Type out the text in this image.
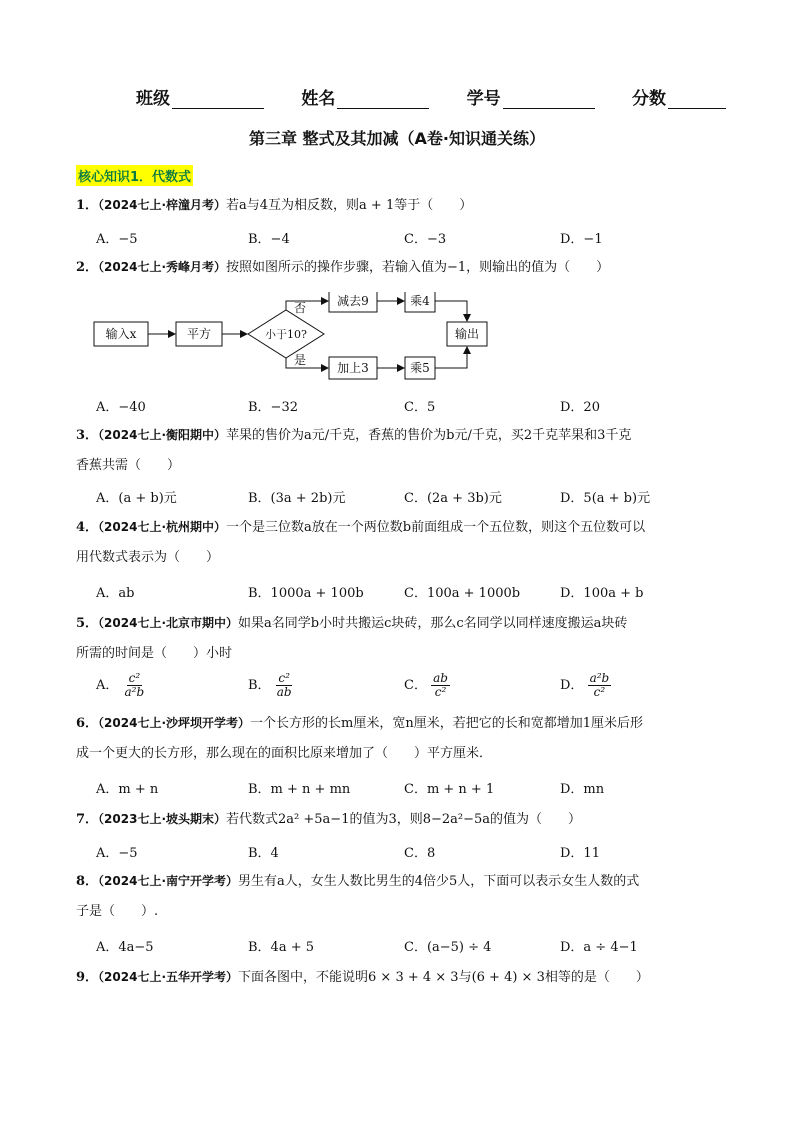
班级	姓名	学号	分数
第三章 整式及其加减（A卷·知识通关练）
核心知识1．代数式
1．（2024七上·梓潼月考）若a与4互为相反数，则a + 1等于（　　）
A．−5	B．−4	C．−3	D．−1
2．（2024七上·秀峰月考）按照如图所示的操作步骤，若输入值为−1，则输出的值为（　　）
输入x	平方	小于10?
否
是
减去9	乘4
加上3	乘5
输出
A．−40	B．−32	C．5	D．20
3．（2024七上·衡阳期中）苹果的售价为a元/千克，香蕉的售价为b元/千克，买2千克苹果和3千克
香蕉共需（　　）
A．(a + b)元	B．(3a + 2b)元	C．(2a + 3b)元	D．5(a + b)元
4．（2024七上·杭州期中）一个是三位数a放在一个两位数b前面组成一个五位数，则这个五位数可以
用代数式表示为（　　）
A．ab	B．1000a + 100b	C．100a + 1000b	D．100a + b
5．（2024七上·北京市期中）如果a名同学b小时共搬运c块砖，那么c名同学以同样速度搬运a块砖
所需的时间是（　　）小时
A． $\frac{\text{c²}}{\text{a²b}}$	B． $\frac{\text{c²}}{ab}$	C． $\frac{ab}{\text{c²}}$	D． $\frac{\text{a²b}}{\text{c²}}$
6．（2024七上·沙坪坝开学考）一个长方形的长m厘米，宽n厘米，若把它的长和宽都增加1厘米后形
成一个更大的长方形，那么现在的面积比原来增加了（　　）平方厘米．
A．m + n	B．m + n + mn	C．m + n + 1	D．mn
7．（2023七上·坡头期末）若代数式2a² +5a−1的值为3，则8−2a²−5a的值为（　　）
A．−5	B．4	C．8	D．11
8．（2024七上·南宁开学考）男生有a人，女生人数比男生的4倍少5人，下面可以表示女生人数的式
子是（　　）.
A．4a−5	B．4a + 5	C．(a−5) ÷ 4	D．a ÷ 4−1
9．（2024七上·五华开学考）下面各图中，不能说明6 × 3 + 4 × 3与(6 + 4) × 3相等的是（　　）
